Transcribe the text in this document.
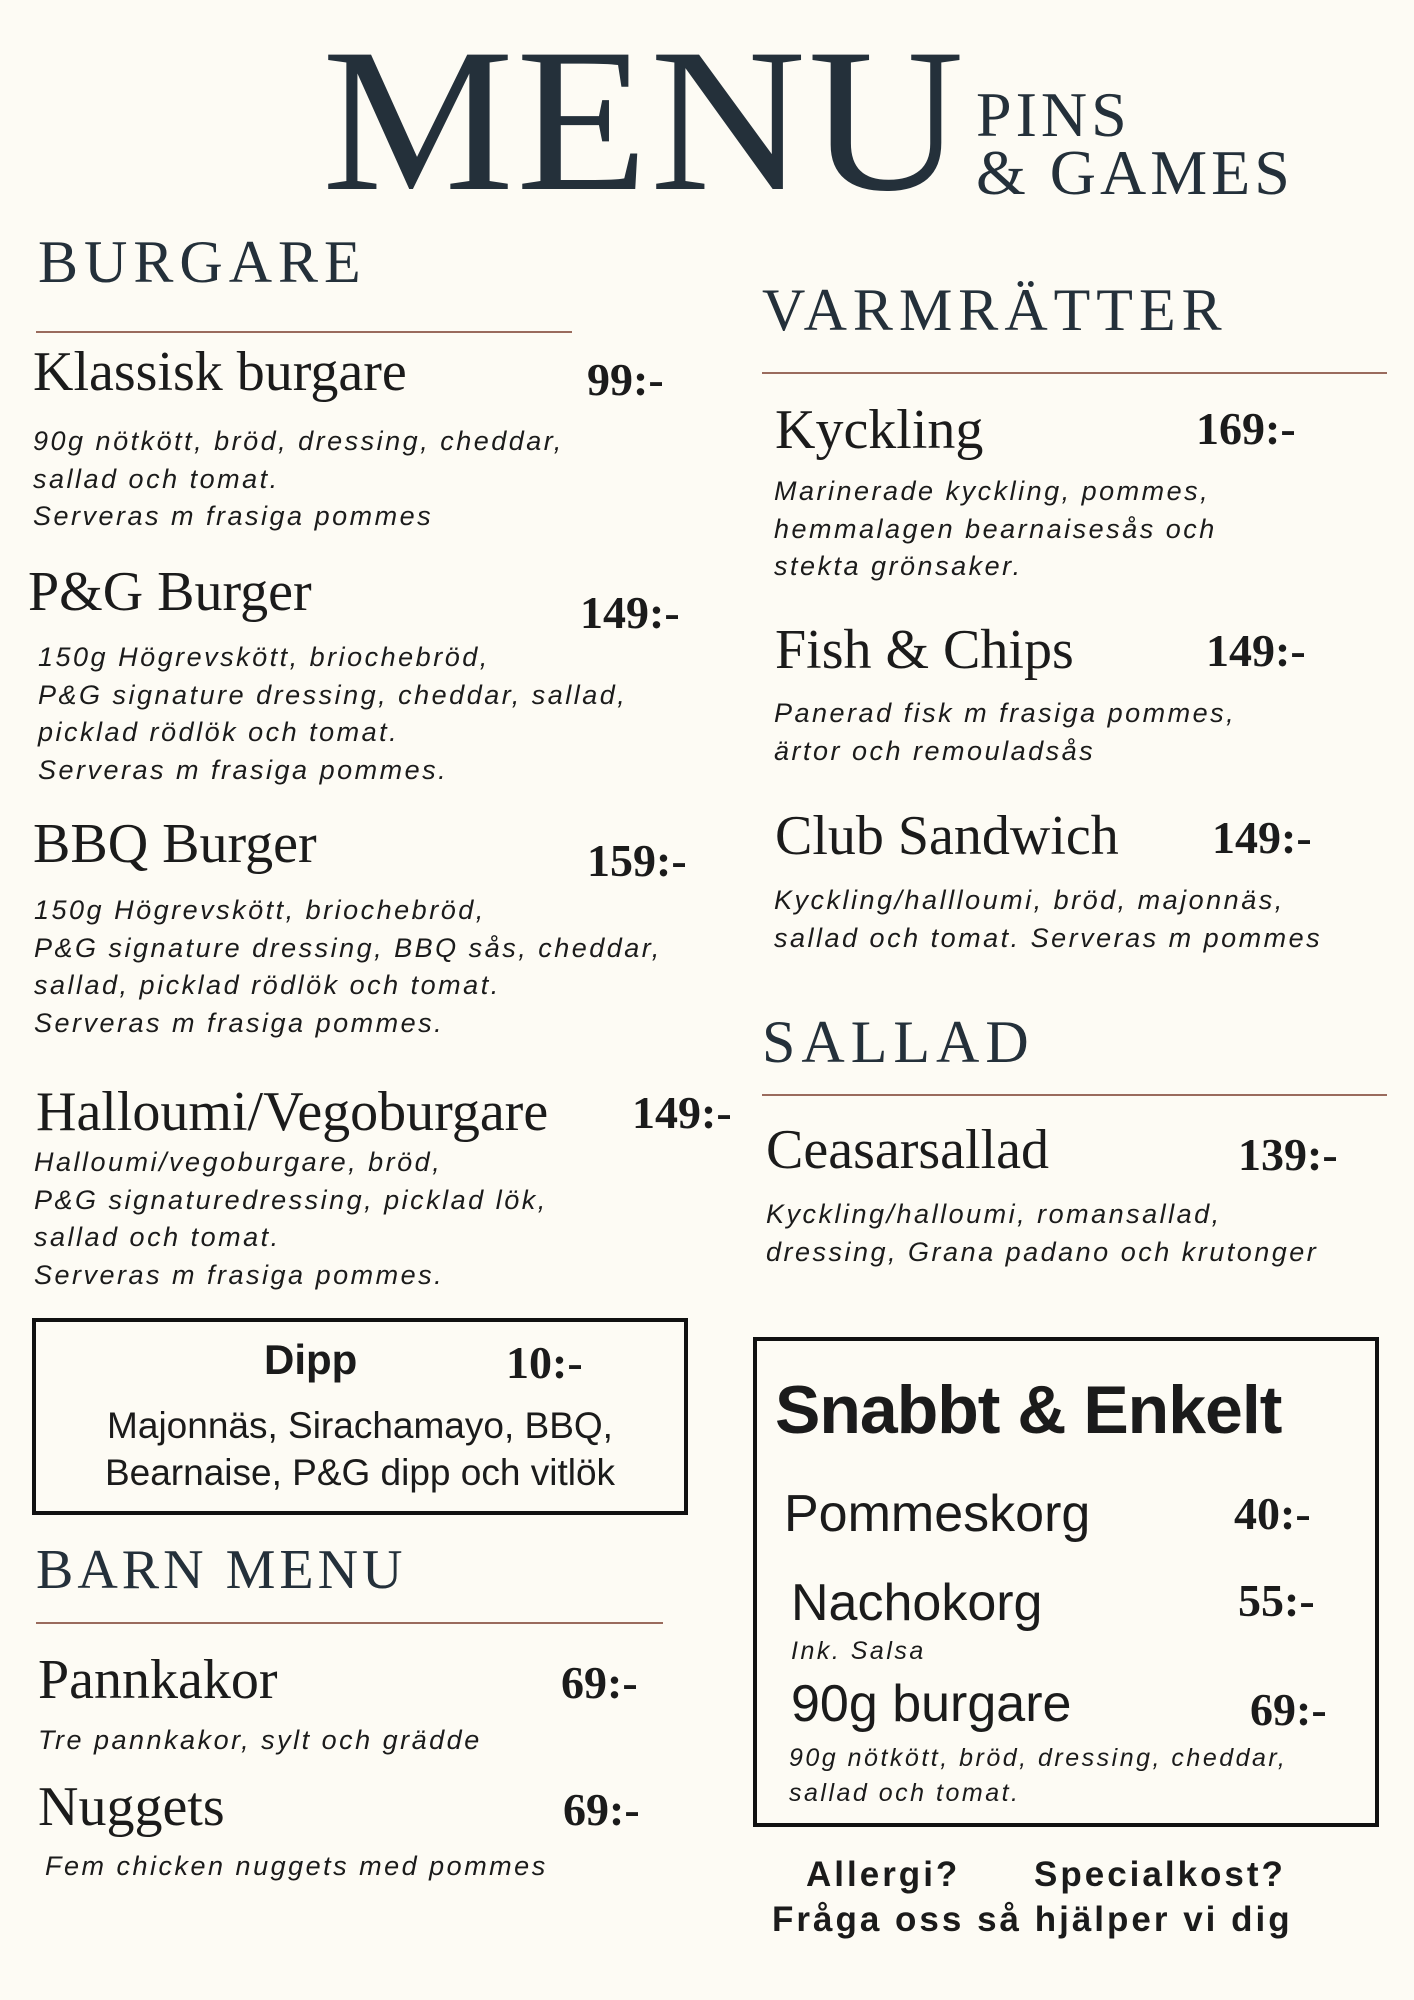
MENU PINS
& GAMES
BURGARE
Klassisk burgare	99:-
90g nötkött, bröd, dressing, cheddar,
sallad och tomat.
Serveras m frasiga pommes
P&G Burger	149:-
150g Högrevskött, briochebröd,
P&G signature dressing, cheddar, sallad,
picklad rödlök och tomat.
Serveras m frasiga pommes.
BBQ Burger	159:-
150g Högrevskött, briochebröd,
P&G signature dressing, BBQ sås, cheddar,
sallad, picklad rödlök och tomat.
Serveras m frasiga pommes.
Halloumi/Vegoburgare 149:-
Halloumi/vegoburgare, bröd,
P&G signaturedressing, picklad lök,
sallad och tomat.
Serveras m frasiga pommes.
Dipp	10:-
Majonnäs, Sirachamayo, BBQ,
Bearnaise, P&G dipp och vitlök
BARN MENU
Pannkakor	69:-
Tre pannkakor, sylt och grädde
Nuggets	69:-
Fem chicken nuggets med pommes
VARMRÄTTER
Kyckling	169:-
Marinerade kyckling, pommes,
hemmalagen bearnaisesås och
stekta grönsaker.
Fish & Chips	149:-
Panerad fisk m frasiga pommes,
ärtor och remouladsås
Club Sandwich 149:-
Kyckling/hallloumi, bröd, majonnäs,
sallad och tomat. Serveras m pommes
SALLAD
Ceasarsallad	139:-
Kyckling/halloumi, romansallad,
dressing, Grana padano och krutonger
Snabbt & Enkelt
Pommeskorg	40:-
Nachokorg	55:-
Ink. Salsa
90g burgare	69:-
90g nötkött, bröd, dressing, cheddar,
sallad och tomat.
Allergi? Specialkost?
Fråga oss så hjälper vi dig
